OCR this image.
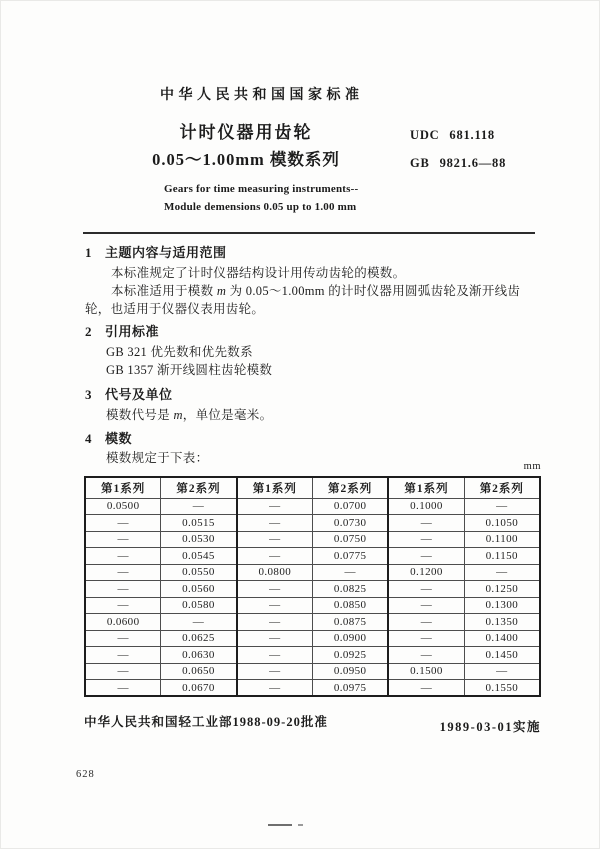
中华人民共和国国家标准
计时仪器用齿轮
0.05～1.00mm 模数系列
UDC 681.118
GB 9821.6—88
Gears for time measuring instruments--
Module demensions 0.05 up to 1.00 mm
1 主题内容与适用范围
本标准规定了计时仪器结构设计用传动齿轮的模数。
本标准适用于模数 m 为 0.05～1.00mm 的计时仪器用圆弧齿轮及渐开线齿轮，也适用于仪器仪表用齿轮。
2 引用标准
GB 321 优先数和优先数系
GB 1357 渐开线圆柱齿轮模数
3 代号及单位
模数代号是 m，单位是毫米。
4 模数
模数规定于下表：
mm
第1系列	第2系列	第1系列	第2系列	第1系列	第2系列
0.0500	—	—	0.0700	0.1000	—
—	0.0515	—	0.0730	—	0.1050
—	0.0530	—	0.0750	—	0.1100
—	0.0545	—	0.0775	—	0.1150
—	0.0550	0.0800	—	0.1200	—
—	0.0560	—	0.0825	—	0.1250
—	0.0580	—	0.0850	—	0.1300
0.0600	—	—	0.0875	—	0.1350
—	0.0625	—	0.0900	—	0.1400
—	0.0630	—	0.0925	—	0.1450
—	0.0650	—	0.0950	0.1500	—
—	0.0670	—	0.0975	—	0.1550
中华人民共和国轻工业部1988-09-20批准	1989-03-01实施
628
